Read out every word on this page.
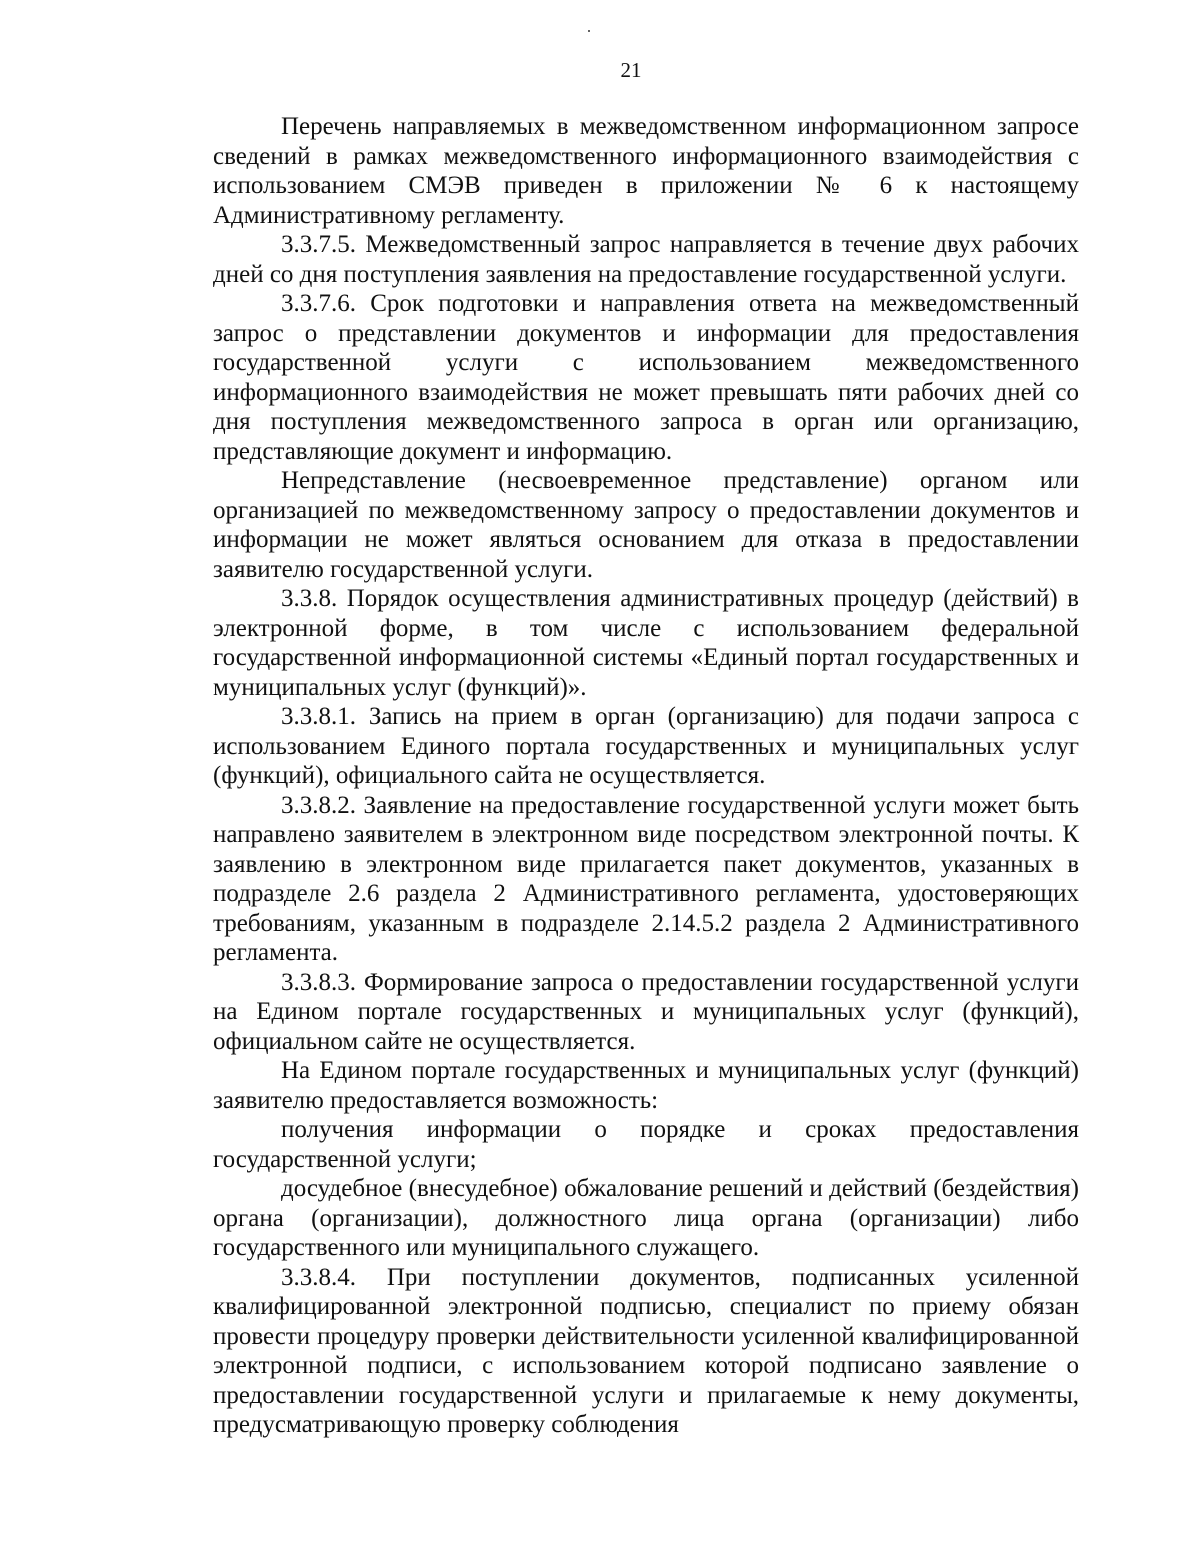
21

Перечень направляемых в межведомственном информационном запросе сведений в рамках межведомственного информационного взаимодействия с использованием СМЭВ приведен в приложении № 6 к настоящему Административному регламенту.

3.3.7.5. Межведомственный запрос направляется в течение двух рабочих дней со дня поступления заявления на предоставление государственной услуги.

3.3.7.6. Срок подготовки и направления ответа на межведомственный запрос о представлении документов и информации для предоставления государственной услуги с использованием межведомственного информационного взаимодействия не может превышать пяти рабочих дней со дня поступления межведомственного запроса в орган или организацию, представляющие документ и информацию.

Непредставление (несвоевременное представление) органом или организацией по межведомственному запросу о предоставлении документов и информации не может являться основанием для отказа в предоставлении заявителю государственной услуги.

3.3.8. Порядок осуществления административных процедур (действий) в электронной форме, в том числе с использованием федеральной государственной информационной системы «Единый портал государственных и муниципальных услуг (функций)».

3.3.8.1. Запись на прием в орган (организацию) для подачи запроса с использованием Единого портала государственных и муниципальных услуг (функций), официального сайта не осуществляется.

3.3.8.2. Заявление на предоставление государственной услуги может быть направлено заявителем в электронном виде посредством электронной почты. К заявлению в электронном виде прилагается пакет документов, указанных в подразделе 2.6 раздела 2 Административного регламента, удостоверяющих требованиям, указанным в подразделе 2.14.5.2 раздела 2 Административного регламента.

3.3.8.3. Формирование запроса о предоставлении государственной услуги на Едином портале государственных и муниципальных услуг (функций), официальном сайте не осуществляется.

На Едином портале государственных и муниципальных услуг (функций) заявителю предоставляется возможность:

получения информации о порядке и сроках предоставления государственной услуги;

досудебное (внесудебное) обжалование решений и действий (бездействия) органа (организации), должностного лица органа (организации) либо государственного или муниципального служащего.

3.3.8.4. При поступлении документов, подписанных усиленной квалифицированной электронной подписью, специалист по приему обязан провести процедуру проверки действительности усиленной квалифицированной электронной подписи, с использованием которой подписано заявление о предоставлении государственной услуги и прилагаемые к нему документы, предусматривающую проверку соблюдения
